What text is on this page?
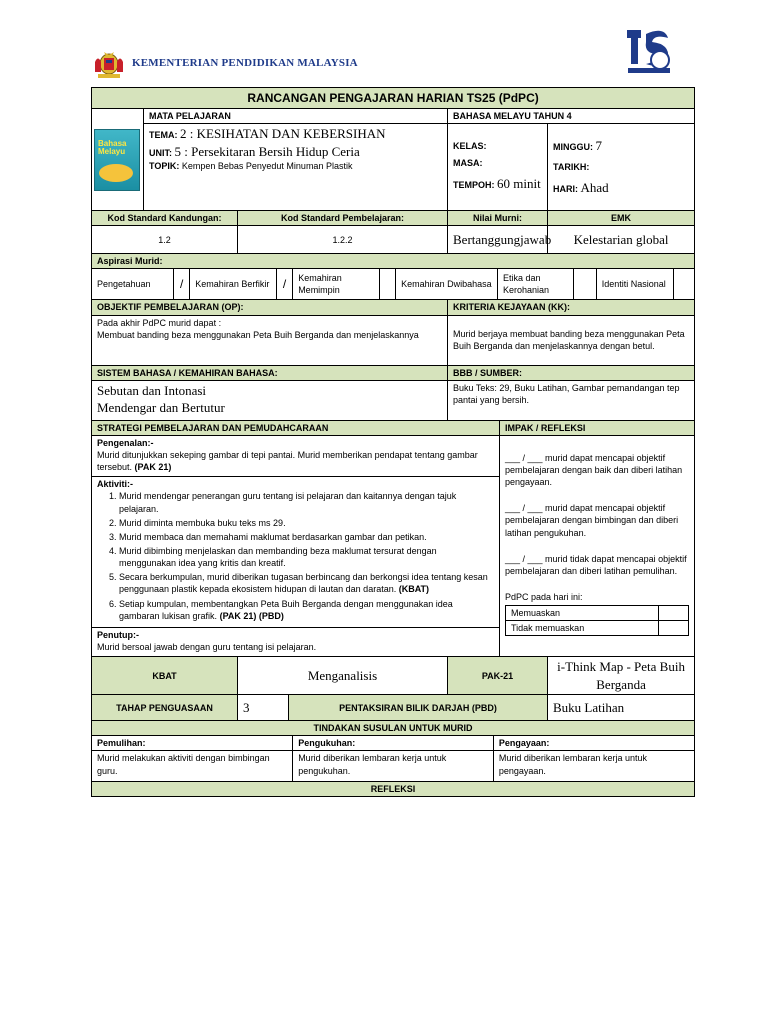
KEMENTERIAN PENDIDIKAN MALAYSIA
RANCANGAN PENGAJARAN HARIAN TS25 (PdPC)

Bahasa Melayu
	MATA PELAJARAN	BAHASA MELAYU TAHUN 4

TEMA: 2 : KESIHATAN DAN KEBERSIHAN
UNIT: 5 : Persekitaran Bersih Hidup Ceria
TOPIK: Kempen Bebas Penyedut Minuman Plastik

KELAS:
MASA:
TEMPOH: 60 minit

MINGGU: 7
TARIKH:
HARI: Ahad

Kod Standard Kandungan:	Kod Standard Pembelajaran:	Nilai Murni:	EMK
1.2	1.2.2	Bertanggungjawab	Kelestarian global
Aspirasi Murid:

Pengetahuan	/	Kemahiran Berfikir	/	Kemahiran Memimpin		Kemahiran Dwibahasa	Etika dan Kerohanian		Identiti Nasional	

OBJEKTIF PEMBELAJARAN (OP):	KRITERIA KEJAYAAN (KK):

Pada akhir PdPC murid dapat :
Membuat banding beza menggunakan Peta Buih Berganda dan menjelaskannya	Murid berjaya membuat banding beza menggunakan Peta Buih Berganda dan menjelaskannya dengan betul.
SISTEM BAHASA / KEMAHIRAN BAHASA:	BBB / SUMBER:

Sebutan dan Intonasi
Mendengar dan Bertutur
	Buku Teks: 29, Buku Latihan, Gambar pemandangan tep pantai yang bersih.
STRATEGI PEMBELAJARAN DAN PEMUDAHCARAAN	IMPAK / REFLEKSI

Pengenalan:-
Murid ditunjukkan sekeping gambar di tepi pantai. Murid memberikan pendapat tentang gambar tersebut. (PAK 21)
Aktiviti:-
1. Murid mendengar penerangan guru tentang isi pelajaran dan kaitannya dengan tajuk pelajaran.
2. Murid diminta membuka buku teks ms 29.
3. Murid membaca dan memahami maklumat berdasarkan gambar dan petikan.
4. Murid dibimbing menjelaskan dan membanding beza maklumat tersurat dengan menggunakan idea yang kritis dan kreatif.
5. Secara berkumpulan, murid diberikan tugasan berbincang dan berkongsi idea tentang kesan penggunaan plastik kepada ekosistem hidupan di lautan dan daratan. (KBAT)
6. Setiap kumpulan, membentangkan Peta Buih Berganda dengan menggunakan idea gambaran lukisan grafik. (PAK 21) (PBD)
Penutup:-
Murid bersoal jawab dengan guru tentang isi pelajaran.

___ / ___ murid dapat mencapai objektif pembelajaran dengan baik dan diberi latihan pengayaan.
___ / ___ murid dapat mencapai objektif pembelajaran dengan bimbingan dan diberi latihan pengukuhan.
___ / ___ murid tidak dapat mencapai objektif pembelajaran dan diberi latihan pemulihan.
PdPC pada hari ini:
Memuaskan	
Tidak memuaskan	

KBAT	Menganalisis	PAK-21	i-Think Map - Peta Buih Berganda
TAHAP PENGUASAAN	3	PENTAKSIRAN BILIK DARJAH (PBD)	Buku Latihan
TINDAKAN SUSULAN UNTUK MURID

Pemulihan:	Pengukuhan:	Pengayaan:
Murid melakukan aktiviti dengan bimbingan guru.	Murid diberikan lembaran kerja untuk pengukuhan.	Murid diberikan lembaran kerja untuk pengayaan.

REFLEKSI
